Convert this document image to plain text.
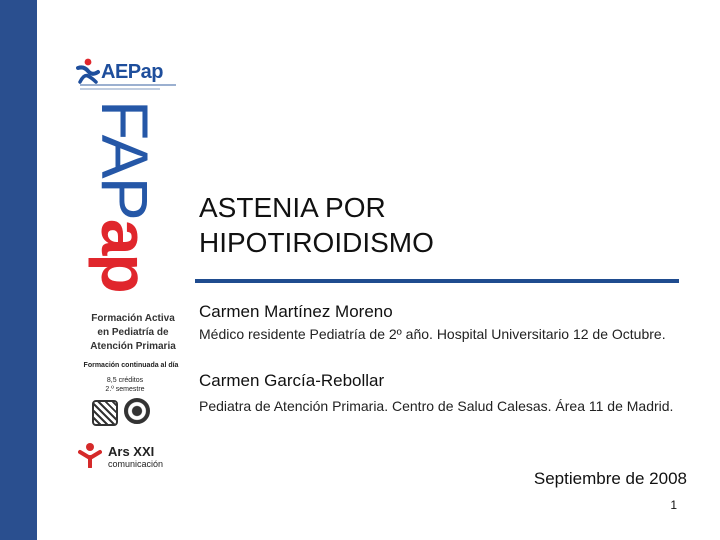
AEPap
FAPap
Formación Activa
en Pediatría de
Atención Primaria
Formación continuada al día
8,5 créditos
2.º semestre
Ars XXI
comunicación
ASTENIA POR
HIPOTIROIDISMO
Carmen Martínez Moreno
Médico residente Pediatría de 2º año. Hospital Universitario 12 de Octubre.
Carmen García-Rebollar
Pediatra de Atención Primaria. Centro de Salud Calesas. Área 11 de Madrid.
Septiembre de 2008
1
